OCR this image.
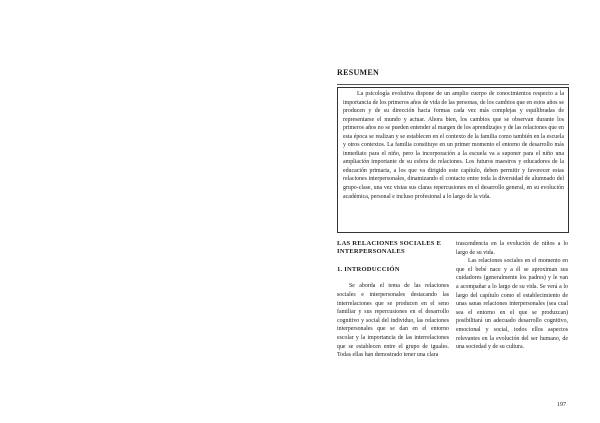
RESUMEN

La psicología evolutiva dispone de un amplio cuerpo de conocimientos respecto a la importancia de los primeros años de vida de las personas, de los cambios que en estos años se producen y de su dirección hacia formas cada vez más complejas y equilibradas de representarse el mundo y actuar. Ahora bien, los cambios que se observan durante los primeros años no se pueden entender al margen de los aprendizajes y de las relaciones que en esta época se realizan y se establecen en el contexto de la familia como también en la escuela y otros contextos. La familia constituye en un primer momento el entorno de desarrollo más inmediato para el niño, pero la incorporación a la escuela va a suponer para el niño una ampliación importante de su esfera de relaciones. Los futuros maestros y educadores de la educación primaria, a los que va dirigido este capítulo, deben permitir y favorecer estas relaciones interpersonales, dinamizando el contacto entre toda la diversidad de alumnado del grupo-clase, una vez vistas sus claras repercusiones en el desarrollo general, en su evolución académica, personal e incluso profesional a lo largo de la vida.

LAS RELACIONES SOCIALES E INTERPERSONALES

1. INTRODUCCIÓN

Se aborda el tema de las relaciones sociales e interpersonales destacando las interrelaciones que se producen en el seno familiar y sus repercusiones en el desarrollo cognitivo y social del individuo, las relaciones interpersonales que se dan en el entorno escolar y la importancia de las interrelaciones que se establecen entre el grupo de iguales. Todas ellas han demostrado tener una clara

trascendencia en la evolución de niños a lo largo de su vida.

Las relaciones sociales en el momento en que el bebé nace y a él se aproximan sus cuidadores (generalmente los padres) y le van a acompañar a lo largo de su vida. Se verá a lo largo del capítulo como el establecimiento de unas sanas relaciones interpersonales (sea cual sea el entorno en el que se produzcan) posibilitará un adecuado desarrollo cognitivo, emocional y social, todos ellos aspectos relevantes en la evolución del ser humano, de una sociedad y de su cultura.

197
